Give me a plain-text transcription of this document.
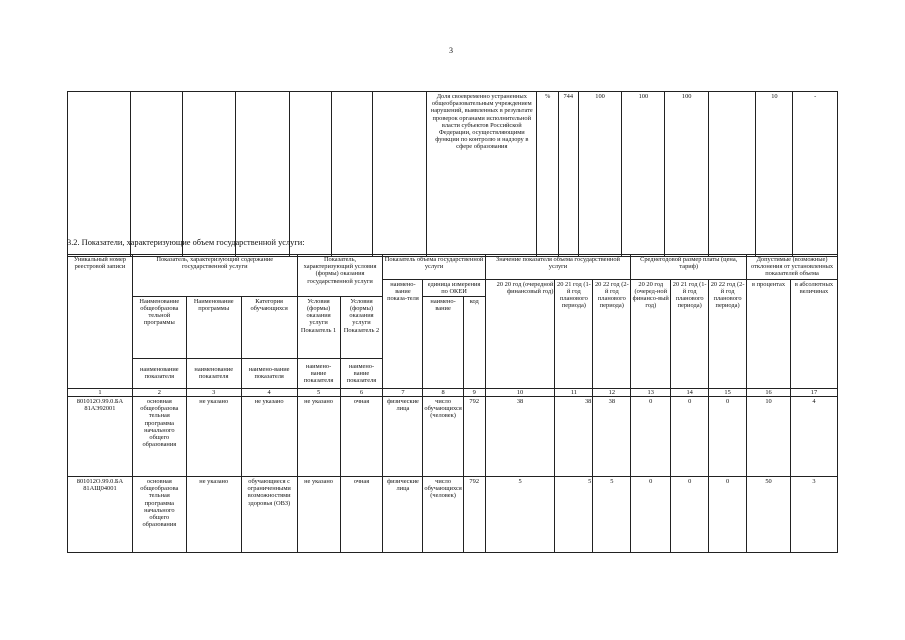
3
							Доля своевременно устраненных общеобразовательным учреждением нарушений, выявленных в результате проверок органами исполнительной власти субъектов Российской Федерации, осуществляющими функции по контролю и надзору в сфере образования	%	744	100	100	100		10	-
3.2. Показатели, характеризующие объем государственной услуги:
Уникальный номер реестровой записи	Показатель, характеризующий содержание государственной услуги			Показатель, характеризующий условия (формы) оказания государственной услуги		Показатель объема государственной услуги			Значение показателя объема государственной услуги			Среднегодовой размер платы (цена, тариф)			Допустимые (возможные) отклонения от установленных показателей объема	
						наимено-вание показа-теля	единица измерения по ОКЕИ		20 20 год (очередной финансовый год)	20 21 год (1-й год планового периода)	20 22 год (2-й год планового периода)	20 20 год (очеред-ной финансо-вый год)	20 21 год (1-й год планового периода)	20 22 год (2-й год планового периода)	в процентах	в абсолютных величинах
	Наименование общеобразова тельной программы	Наименование программы	Категория обучающихся	Условия (формы) оказания услуги Показатель 1	Условия (формы) оказания услуги Показатель 2		наимено-вание	код								
	наименование показателя	наименование показателя	наимено-вание показателя	наимено-вание показателя	наимено-вание показателя											

1	2	3	4	5	6	7	8	9	10	11	12	13	14	15	16	17
801012О.99.0.БА 81АЭ92001	основная общеобразова тельная программа начального общего образования	не указано	не указано	не указано	очная	физические лица	число обучающихся (человек)	792	38	38	38	0	0	0	10	4
801012О.99.0.БА 81АЩ04001	основная общеобразова тельная программа начального общего образования	не указано	обучающиеся с ограниченными возможностями здоровья (ОВЗ)	не указано	очная	физические лица	число обучающихся (человек)	792	5	5	5	0	0	0	50	3
